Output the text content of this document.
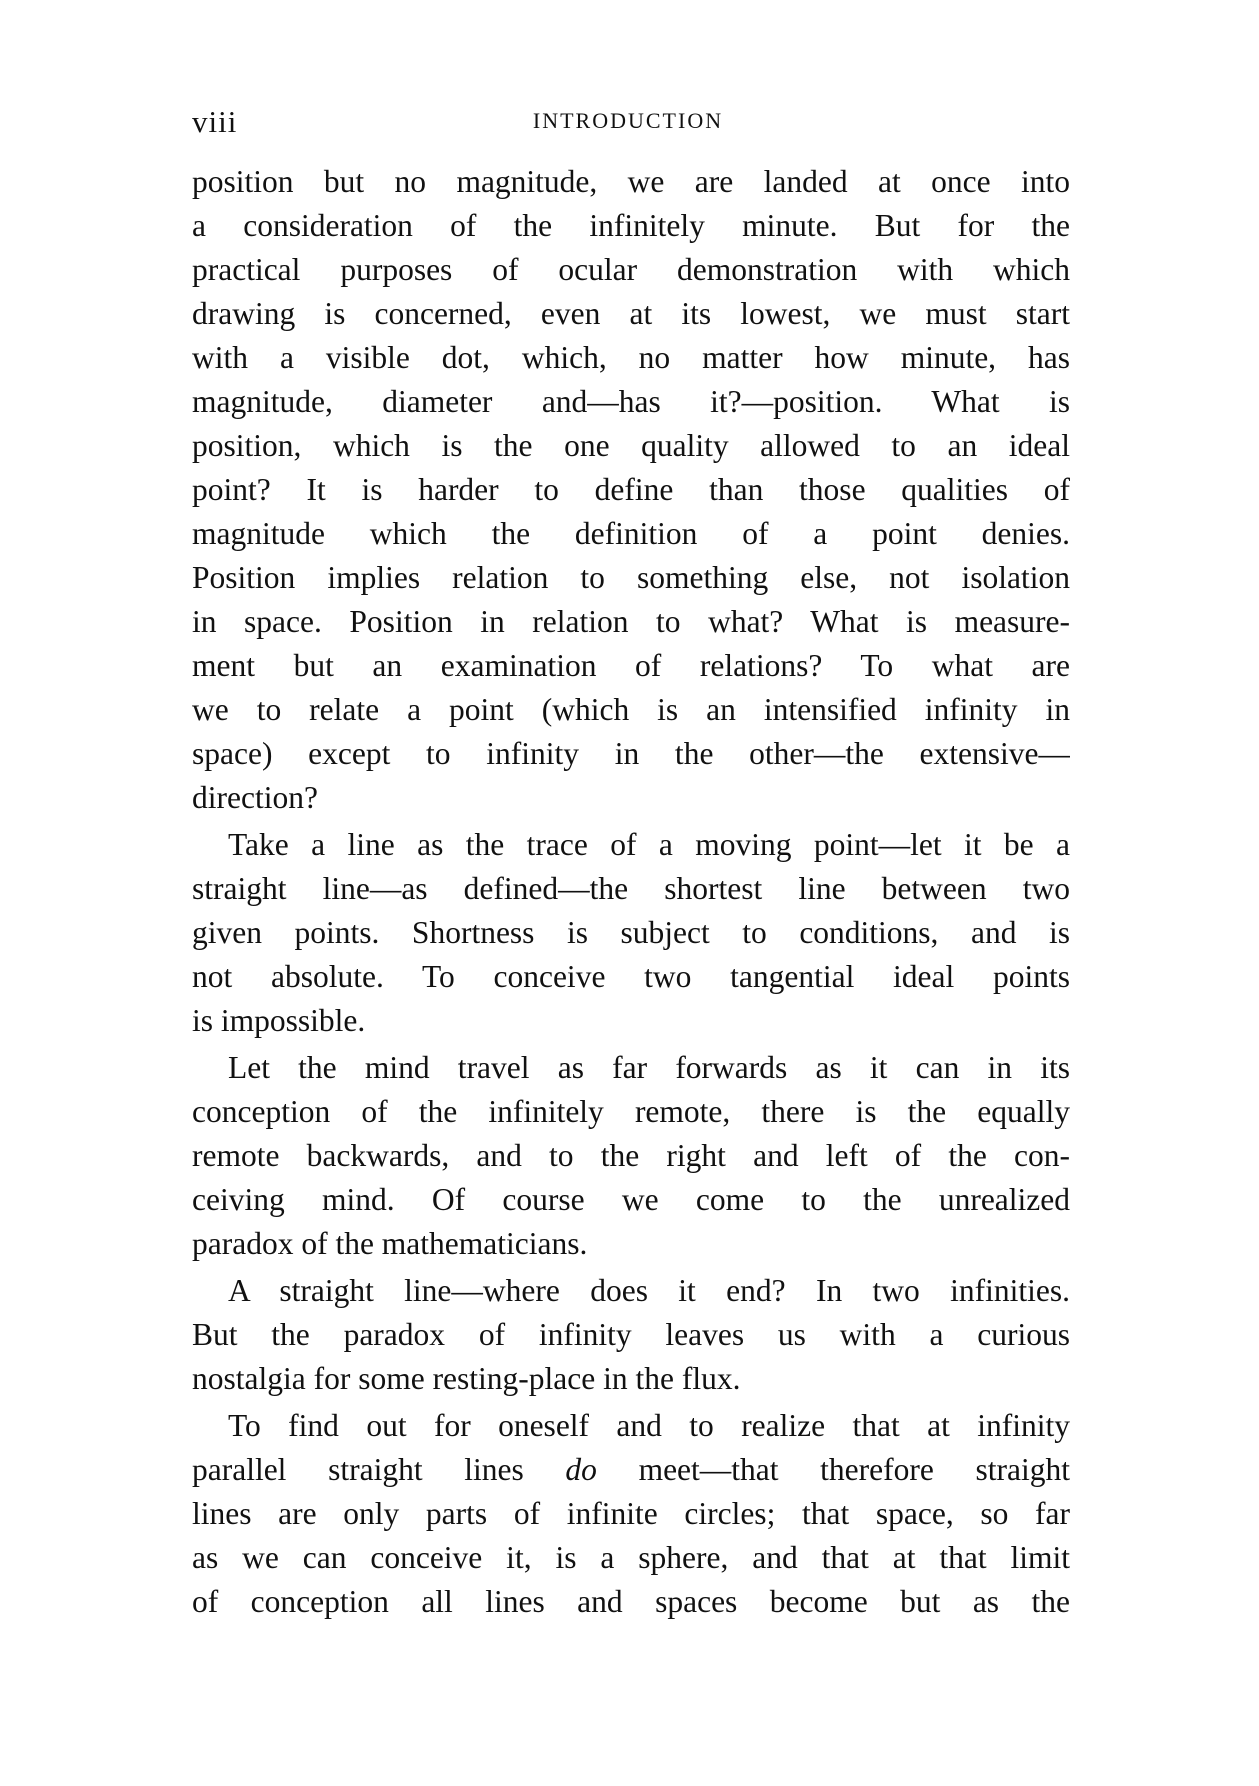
viii	INTRODUCTION

position but no magnitude, we are landed at once into
a consideration of the infinitely minute. But for the
practical purposes of ocular demonstration with which
drawing is concerned, even at its lowest, we must start
with a visible dot, which, no matter how minute, has
magnitude, diameter and—has it?—position. What is
position, which is the one quality allowed to an ideal
point? It is harder to define than those qualities of
magnitude which the definition of a point denies.
Position implies relation to something else, not isolation
in space. Position in relation to what? What is measure-
ment but an examination of relations? To what are
we to relate a point (which is an intensified infinity in
space) except to infinity in the other—the extensive—
direction?

Take a line as the trace of a moving point—let it be a
straight line—as defined—the shortest line between two
given points. Shortness is subject to conditions, and is
not absolute. To conceive two tangential ideal points
is impossible.

Let the mind travel as far forwards as it can in its
conception of the infinitely remote, there is the equally
remote backwards, and to the right and left of the con-
ceiving mind. Of course we come to the unrealized
paradox of the mathematicians.

A straight line—where does it end? In two infinities.
But the paradox of infinity leaves us with a curious
nostalgia for some resting-place in the flux.

To find out for oneself and to realize that at infinity
parallel straight lines do meet—that therefore straight
lines are only parts of infinite circles; that space, so far
as we can conceive it, is a sphere, and that at that limit
of conception all lines and spaces become but as the
